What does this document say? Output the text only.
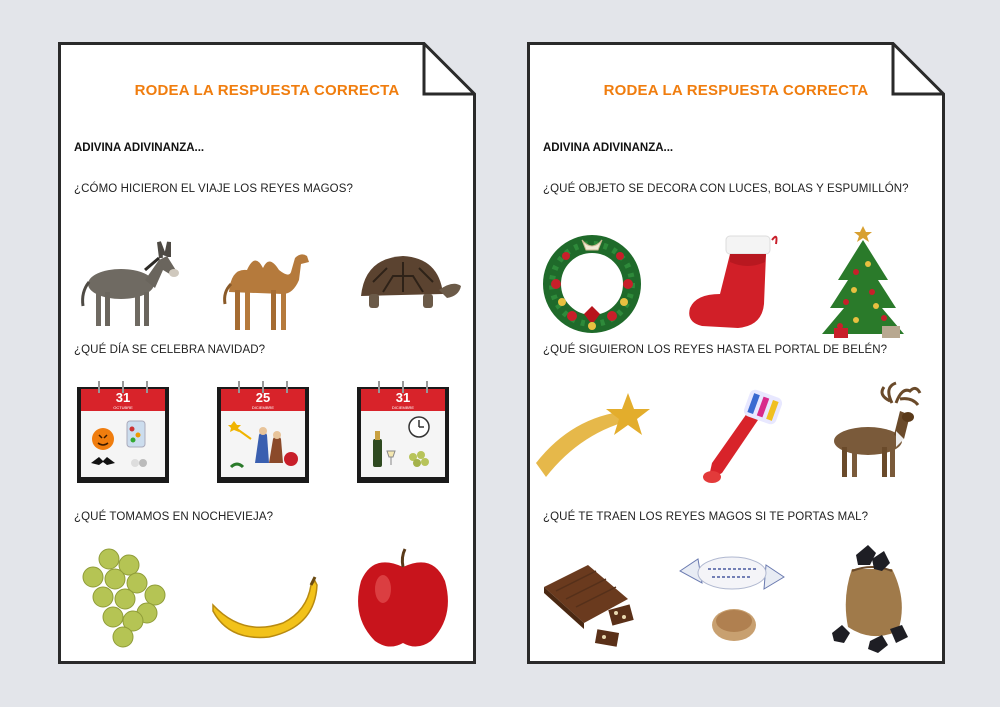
RODEA LA RESPUESTA CORRECTA
ADIVINA ADIVINANZA...
¿CÓMO HICIERON EL VIAJE LOS REYES MAGOS?
¿QUÉ DÍA SE CELEBRA NAVIDAD?
31
OCTUBRE
25
DICIEMBRE
31
DICIEMBRE
¿QUÉ TOMAMOS EN NOCHEVIEJA?
RODEA LA RESPUESTA CORRECTA
ADIVINA ADIVINANZA...
¿QUÉ OBJETO SE DECORA CON LUCES, BOLAS Y ESPUMILLÓN?
¿QUÉ SIGUIERON LOS REYES HASTA EL PORTAL DE BELÉN?
¿QUÉ TE TRAEN LOS REYES MAGOS SI TE PORTAS MAL?
